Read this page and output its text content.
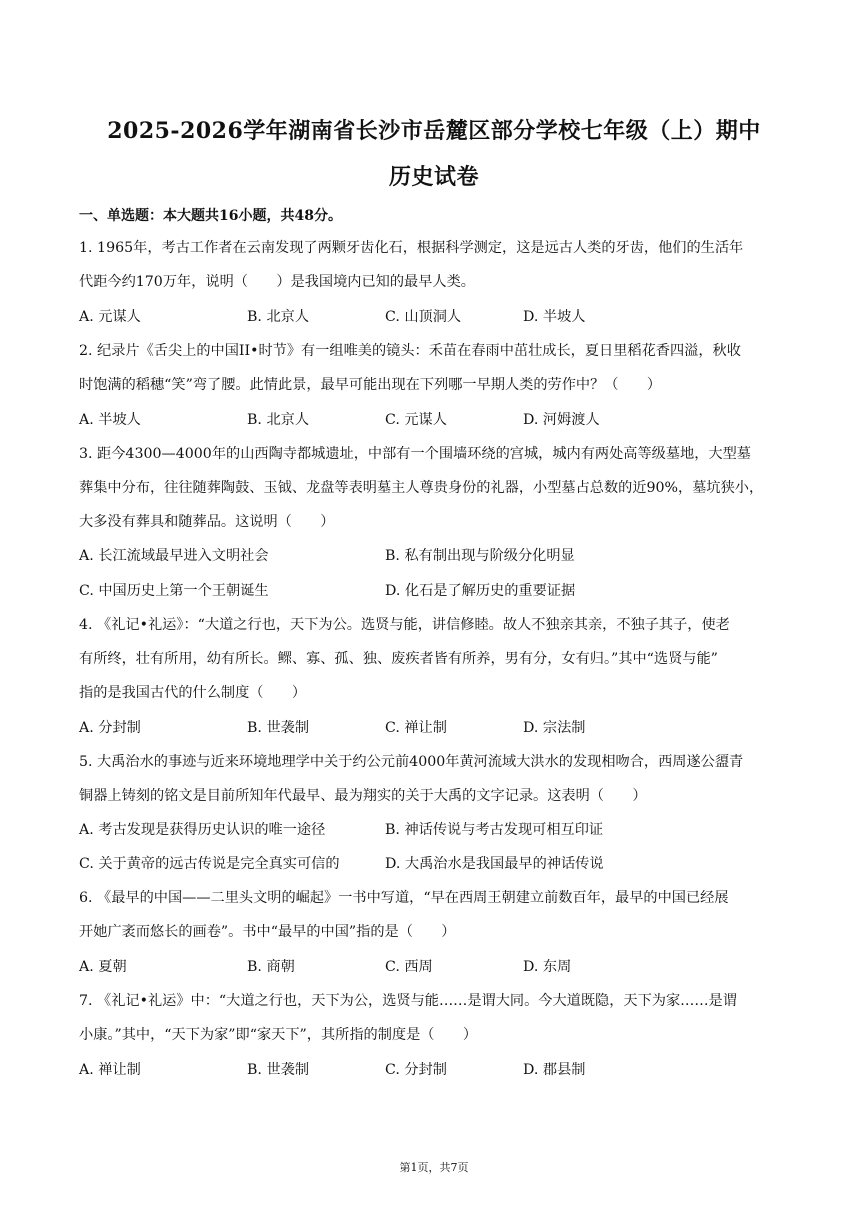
2025-2026学年湖南省长沙市岳麓区部分学校七年级（上）期中
历史试卷
一、单选题：本大题共16小题，共48分。
1. 1965年，考古工作者在云南发现了两颗牙齿化石，根据科学测定，这是远古人类的牙齿，他们的生活年
代距今约170万年，说明（　　）是我国境内已知的最早人类。
A. 元谋人	B. 北京人	C. 山顶洞人	D. 半坡人
2. 纪录片《舌尖上的中国II•时节》有一组唯美的镜头：禾苗在春雨中茁壮成长，夏日里稻花香四溢，秋收
时饱满的稻穗“笑”弯了腰。此情此景，最早可能出现在下列哪一早期人类的劳作中？（　　）
A. 半坡人	B. 北京人	C. 元谋人	D. 河姆渡人
3. 距今4300—4000年的山西陶寺都城遗址，中部有一个围墙环绕的宫城，城内有两处高等级墓地，大型墓
葬集中分布，往往随葬陶鼓、玉钺、龙盘等表明墓主人尊贵身份的礼器，小型墓占总数的近90%，墓坑狭小，
大多没有葬具和随葬品。这说明（　　）
A. 长江流域最早进入文明社会	B. 私有制出现与阶级分化明显
C. 中国历史上第一个王朝诞生	D. 化石是了解历史的重要证据
4. 《礼记•礼运》：“大道之行也，天下为公。选贤与能，讲信修睦。故人不独亲其亲，不独子其子，使老
有所终，壮有所用，幼有所长。鳏、寡、孤、独、废疾者皆有所养，男有分，女有归。”其中“选贤与能”
指的是我国古代的什么制度（　　）
A. 分封制	B. 世袭制	C. 禅让制	D. 宗法制
5. 大禹治水的事迹与近来环境地理学中关于约公元前4000年黄河流域大洪水的发现相吻合，西周遂公盨青
铜器上铸刻的铭文是目前所知年代最早、最为翔实的关于大禹的文字记录。这表明（　　）
A. 考古发现是获得历史认识的唯一途径	B. 神话传说与考古发现可相互印证
C. 关于黄帝的远古传说是完全真实可信的	D. 大禹治水是我国最早的神话传说
6. 《最早的中国——二里头文明的崛起》一书中写道，“早在西周王朝建立前数百年，最早的中国已经展
开她广袤而悠长的画卷”。书中“最早的中国”指的是（　　）
A. 夏朝	B. 商朝	C. 西周	D. 东周
7. 《礼记•礼运》中：“大道之行也，天下为公，选贤与能……是谓大同。今大道既隐，天下为家……是谓
小康。”其中，“天下为家”即“家天下”，其所指的制度是（　　）
A. 禅让制	B. 世袭制	C. 分封制	D. 郡县制
第1页，共7页
